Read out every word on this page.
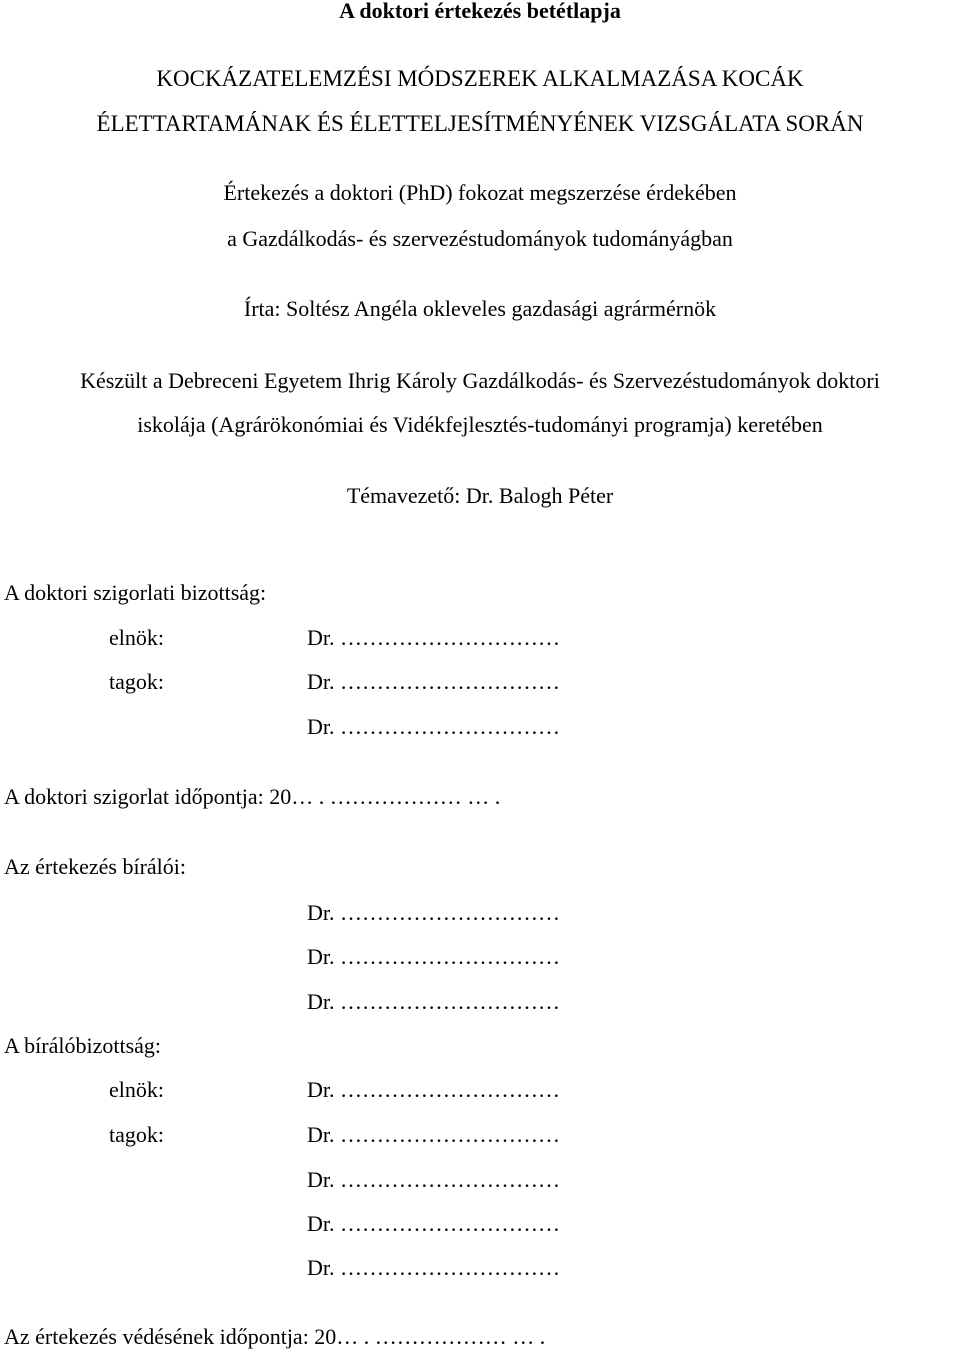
A doktori értekezés betétlapja
KOCKÁZATELEMZÉSI MÓDSZEREK ALKALMAZÁSA KOCÁK
ÉLETTARTAMÁNAK ÉS ÉLETTELJESÍTMÉNYÉNEK VIZSGÁLATA SORÁN
Értekezés a doktori (PhD) fokozat megszerzése érdekében
a Gazdálkodás- és szervezéstudományok tudományágban
Írta: Soltész Angéla okleveles gazdasági agrármérnök
Készült a Debreceni Egyetem Ihrig Károly Gazdálkodás- és Szervezéstudományok doktori
iskolája (Agrárökonómiai és Vidékfejlesztés-tudományi programja) keretében
Témavezető: Dr. Balogh Péter
A doktori szigorlati bizottság:
elnök:	Dr. …………………………
tagok:	Dr. …………………………
Dr. …………………………
A doktori szigorlat időpontja: 20… . ……………… … .
Az értekezés bírálói:
Dr. …………………………
Dr. …………………………
Dr. …………………………
A bírálóbizottság:
elnök:	Dr. …………………………
tagok:	Dr. …………………………
Dr. …………………………
Dr. …………………………
Dr. …………………………
Az értekezés védésének időpontja: 20… . ……………… … .
